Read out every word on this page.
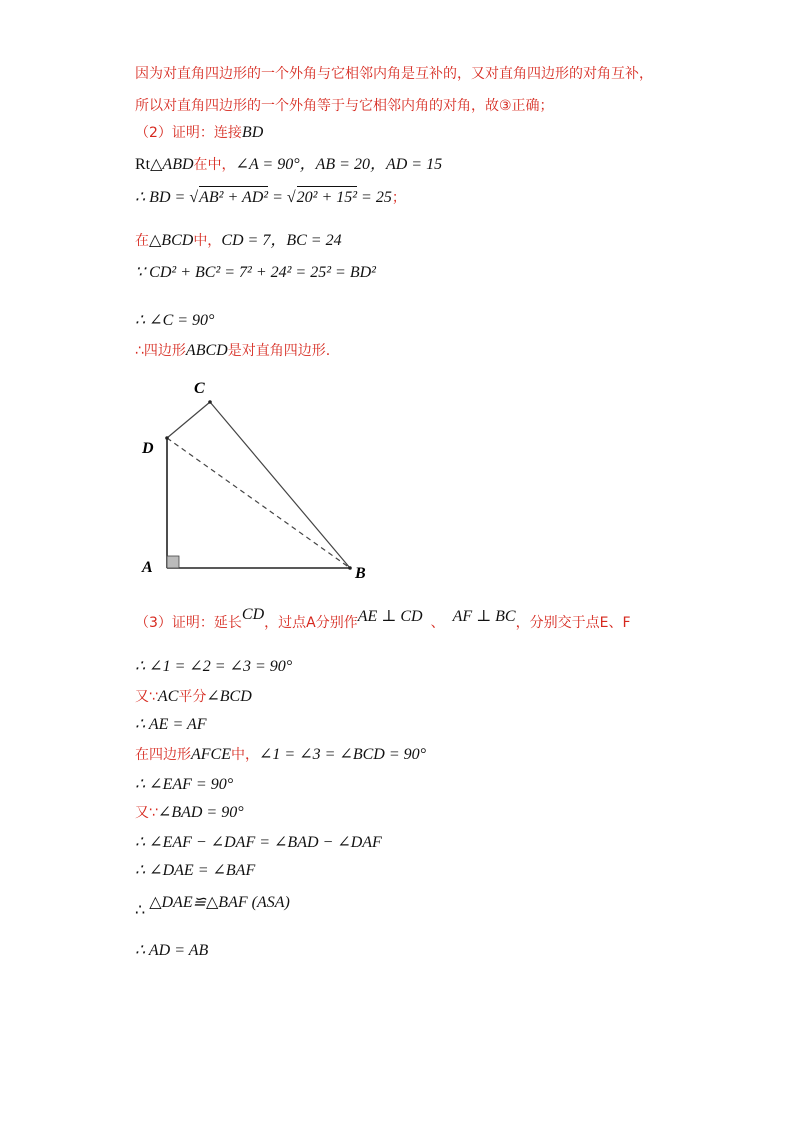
因为对直角四边形的一个外角与它相邻内角是互补的，又对直角四边形的对角互补，
所以对直角四边形的一个外角等于与它相邻内角的对角，故③正确；
（2）证明：连接BD
Rt△ABD在中，∠A = 90°，AB = 20，AD = 15
∴ BD = √AB² + AD² = √20² + 15² = 25；
在△BCD中，CD = 7，BC = 24
∵ CD² + BC² = 7² + 24² = 25² = BD²
∴ ∠C = 90°
∴四边形ABCD是对直角四边形.
C
D
A	B
（3）证明：延长CD，过点A分别作AE ⊥ CD 、 AF ⊥ BC，分别交于点E、F
∴ ∠1 = ∠2 = ∠3 = 90°
又∵AC平分∠BCD
∴ AE = AF
在四边形AFCE中，∠1 = ∠3 = ∠BCD = 90°
∴ ∠EAF = 90°
又∵∠BAD = 90°
∴ ∠EAF − ∠DAF = ∠BAD − ∠DAF
∴ ∠DAE = ∠BAF
∴ △DAE≌△BAF (ASA)
∴ AD = AB
